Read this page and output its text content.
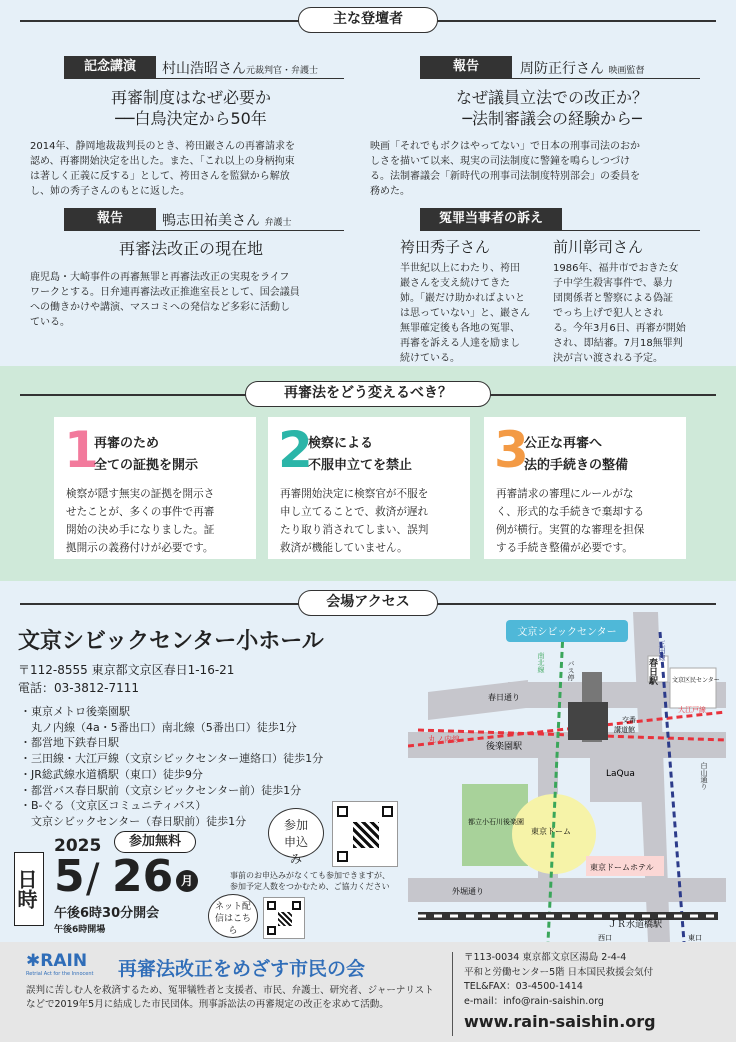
主な登壇者
記念講演	村山浩昭さん元裁判官・弁護士
再審制度はなぜ必要か
──白鳥決定から50年
2014年、静岡地裁裁判長のとき、袴田巖さんの再審請求を
認め、再審開始決定を出した。また、「これ以上の身柄拘束
は著しく正義に反する」として、袴田さんを監獄から解放
し、姉の秀子さんのもとに返した。
報告	周防正行さん 映画監督
なぜ議員立法での改正か？
─法制審議会の経験から─
映画「それでもボクはやってない」で日本の刑事司法のおか
しさを描いて以来、現実の司法制度に警鐘を鳴らしつづけ
る。法制審議会「新時代の刑事司法制度特別部会」の委員を
務めた。
報告	鴨志田祐美さん 弁護士
再審法改正の現在地
鹿児島・大崎事件の再審無罪と再審法改正の実現をライフ
ワークとする。日弁連再審法改正推進室長として、国会議員
への働きかけや講演、マスコミへの発信など多彩に活動し
ている。
冤罪当事者の訴え
袴田秀子さん
半世紀以上にわたり、袴田
巖さんを支え続けてきた
姉。「巖だけ助かればよいと
は思っていない」と、巖さん
無罪確定後も各地の冤罪、
再審を訴える人達を励まし
続けている。
前川彰司さん
1986年、福井市でおきた女
子中学生殺害事件で、暴力
団関係者と警察による偽証
でっち上げで犯人とされ
る。今年3月6日、再審が開始
され、即結審。7月18無罪判
決が言い渡される予定。
再審法をどう変えるべき？
1
再審のため
全ての証拠を開示
検察が隠す無実の証拠を開示さ
せたことが、多くの事件で再審
開始の決め手になりました。証
拠開示の義務付けが必要です。
2
検察による
不服申立てを禁止
再審開始決定に検察官が不服を
申し立てることで、救済が遅れ
たり取り消されてしまい、誤判
救済が機能していません。
3
公正な再審へ
法的手続きの整備
再審請求の審理にルールがな
く、形式的な手続きで棄却する
例が横行。実質的な審理を担保
する手続き整備が必要です。
会場アクセス
文京シビックセンター小ホール
〒112-8555 東京都文京区春日1-16-21
電話：03-3812-7111
・東京メトロ後楽園駅
　丸ノ内線（4a・5番出口）南北線（5番出口）徒歩1分
・都営地下鉄春日駅
・三田線・大江戸線（文京シビックセンター連絡口）徒歩1分
・JR総武線水道橋駅（東口）徒歩9分
・都営バス春日駅前（文京シビックセンター前）徒歩1分
・B-ぐる（文京区コミュニティバス）
　文京シビックセンター（春日駅前）徒歩1分
日時
2025	参加無料
5 / 26 月
午後6時30分開会
午後6時開場
参加申込み
事前のお申込みがなくても参加できますが、
参加予定人数をつかむため、ご協力ください
ネット配信はこちら
文京シビックセンター
春日通り
丸ノ内線
後楽園駅
LaQua
講道館
交番
大江戸線
文京区民センター
東京ドーム
都立小石川後楽園
東京ドームホテル
外堀通り
ＪＲ水道橋駅
西口	東口
南北線	バス停
三田線
春日駅
白山通り
✱RAIN
Retrial Act for the Innocent 再審法改正をめざす市民の会
誤判に苦しむ人を救済するため、冤罪犠牲者と支援者、市民、弁護士、研究者、ジャーナリスト
などで2019年5月に結成した市民団体。刑事訴訟法の再審規定の改正を求めて活動。
〒113-0034 東京都文京区湯島 2-4-4
平和と労働センター5階 日本国民救援会気付
TEL&FAX：03-4500-1414
e-mail：info@rain-saishin.org
www.rain-saishin.org
